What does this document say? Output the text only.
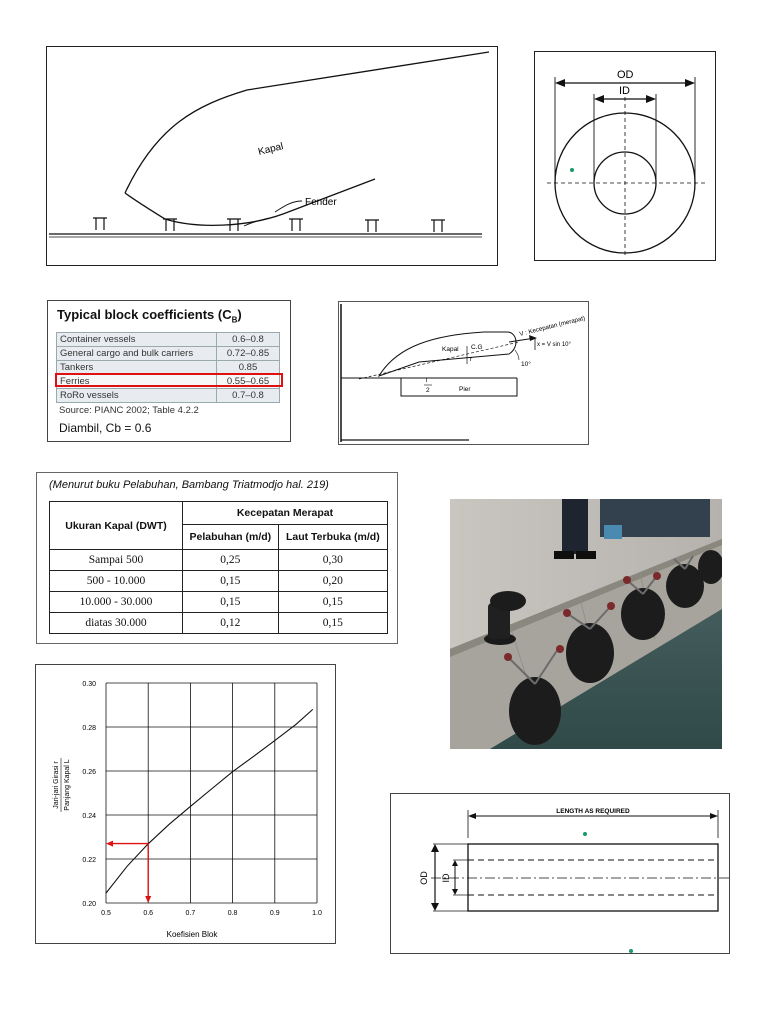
Kapal
Fender
OD
ID
Typical block coefficients $(C_B)$
Container vessels	0.6–0.8
General cargo and bulk carriers	0.72–0.85
Tankers	0.85
Ferries	0.55–0.65
RoRo vessels	0.7–0.8
Source: PIANC 2002; Table 4.2.2
Diambil, Cb = 0.6
V : Kecepatan (merapat)
x = V sin 10°
Kapal C.G
r
10°
l
2	Pier
(Menurut buku Pelabuhan, Bambang Triatmodjo hal. 219)
Ukuran Kapal (DWT)	Kecepatan Merapat	
	Pelabuhan (m/d)	Laut Terbuka (m/d)
Sampai 500	0,25	0,30
500 - 10.000	0,15	0,20
10.000 - 30.000	0,15	0,15
diatas 30.000	0,12	0,15
0.5	0.6	0.7	0.8	0.9	1.0
0.20
0.22
0.24
0.26
0.28
0.30
Koefisien Blok
Jari-jari Girasi r Panjang Kapal L
LENGTH AS REQUIRED
OD ID
